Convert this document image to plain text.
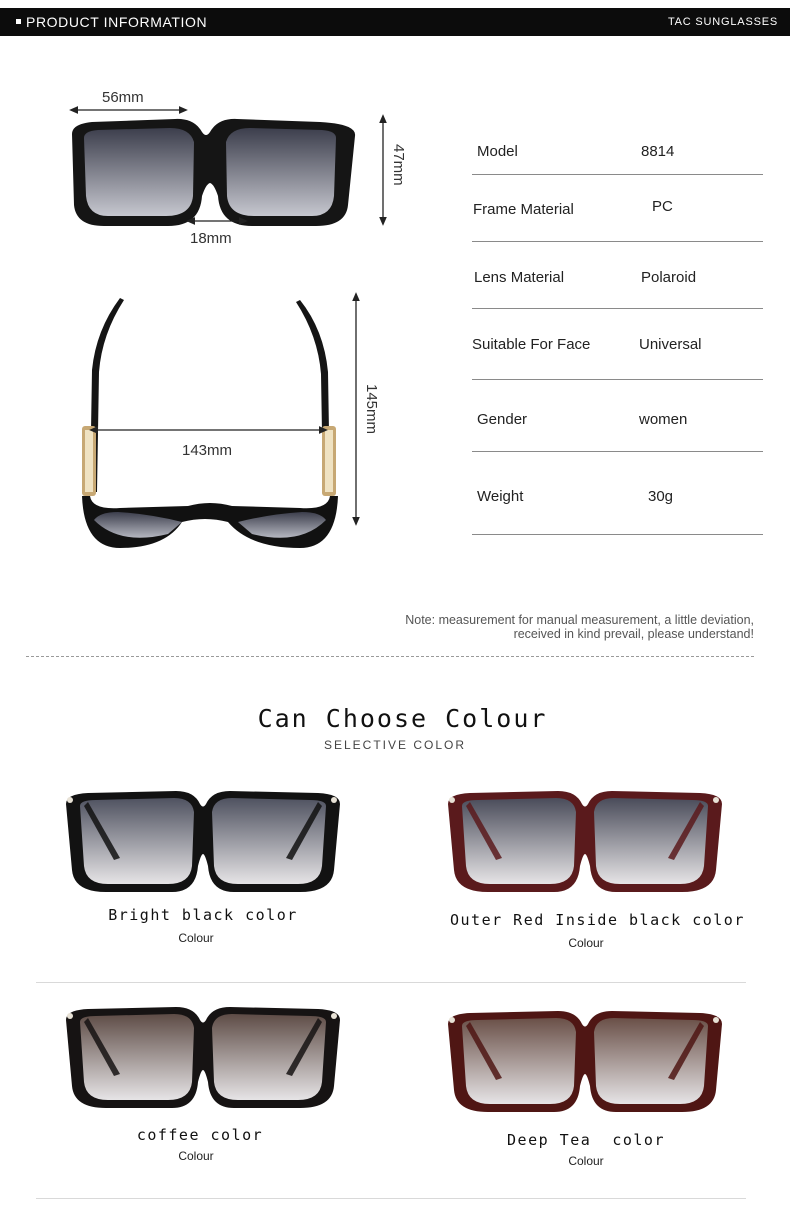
PRODUCT INFORMATION	TAC SUNGLASSES
56mm
18mm
47mm
143mm
145mm
Model	8814
Frame Material	PC
Lens Material	Polaroid
Suitable For Face	Universal
Gender	women
Weight	30g
Note: measurement for manual measurement, a little deviation,
received in kind prevail, please understand!
Can Choose Colour
SELECTIVE COLOR
Bright black color
Colour
Outer Red Inside black color
Colour
coffee color
Colour
Deep Tea  color
Colour
